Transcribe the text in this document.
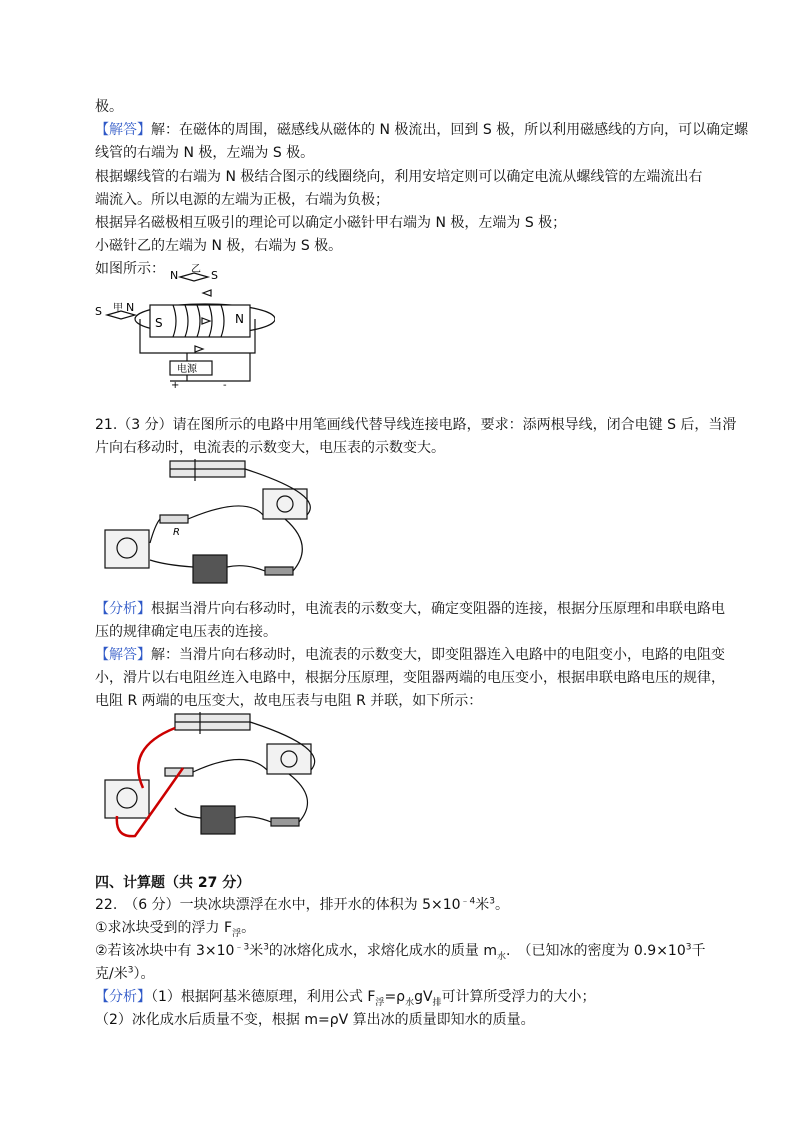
极。
【解答】解：在磁体的周围，磁感线从磁体的 N 极流出，回到 S 极，所以利用磁感线的方向，可以确定螺
线管的右端为 N 极，左端为 S 极。
根据螺线管的右端为 N 极结合图示的线圈绕向，利用安培定则可以确定电流从螺线管的左端流出右
端流入。所以电源的左端为正极，右端为负极；
根据异名磁极相互吸引的理论可以确定小磁针甲右端为 N 极，左端为 S 极；
小磁针乙的左端为 N 极，右端为 S 极。
如图所示：
21.（3 分）请在图所示的电路中用笔画线代替导线连接电路，要求：添两根导线，闭合电键 S 后，当滑
片向右移动时，电流表的示数变大，电压表的示数变大。
【分析】根据当滑片向右移动时，电流表的示数变大，确定变阻器的连接，根据分压原理和串联电路电
压的规律确定电压表的连接。
【解答】解：当滑片向右移动时，电流表的示数变大，即变阻器连入电路中的电阻变小，电路的电阻变
小，滑片以右电阻丝连入电路中，根据分压原理，变阻器两端的电压变小，根据串联电路电压的规律，
电阻 R 两端的电压变大，故电压表与电阻 R 并联，如下所示：
四、计算题（共 27 分）
22.　（6 分）一块冰块漂浮在水中，排开水的体积为 $5\times 10^{﹣4}$米$^3$。
①求冰块受到的浮力 $F_浮$。
②若该冰块中有 $3\times 10^{﹣3}$米$^3$的冰熔化成水，求熔化成水的质量 $m_水$.　（已知冰的密度为 $0.9\times 10^3$千
克/米$^3$）。
【分析】（1）根据阿基米德原理，利用公式 $F_浮=\rho_水gV_排$可计算所受浮力的大小；
（2）冰化成水后质量不变，根据 m=ρV 算出冰的质量即知水的质量。
N 乙 S
S 甲 N
S	N
电源
+	-
R
